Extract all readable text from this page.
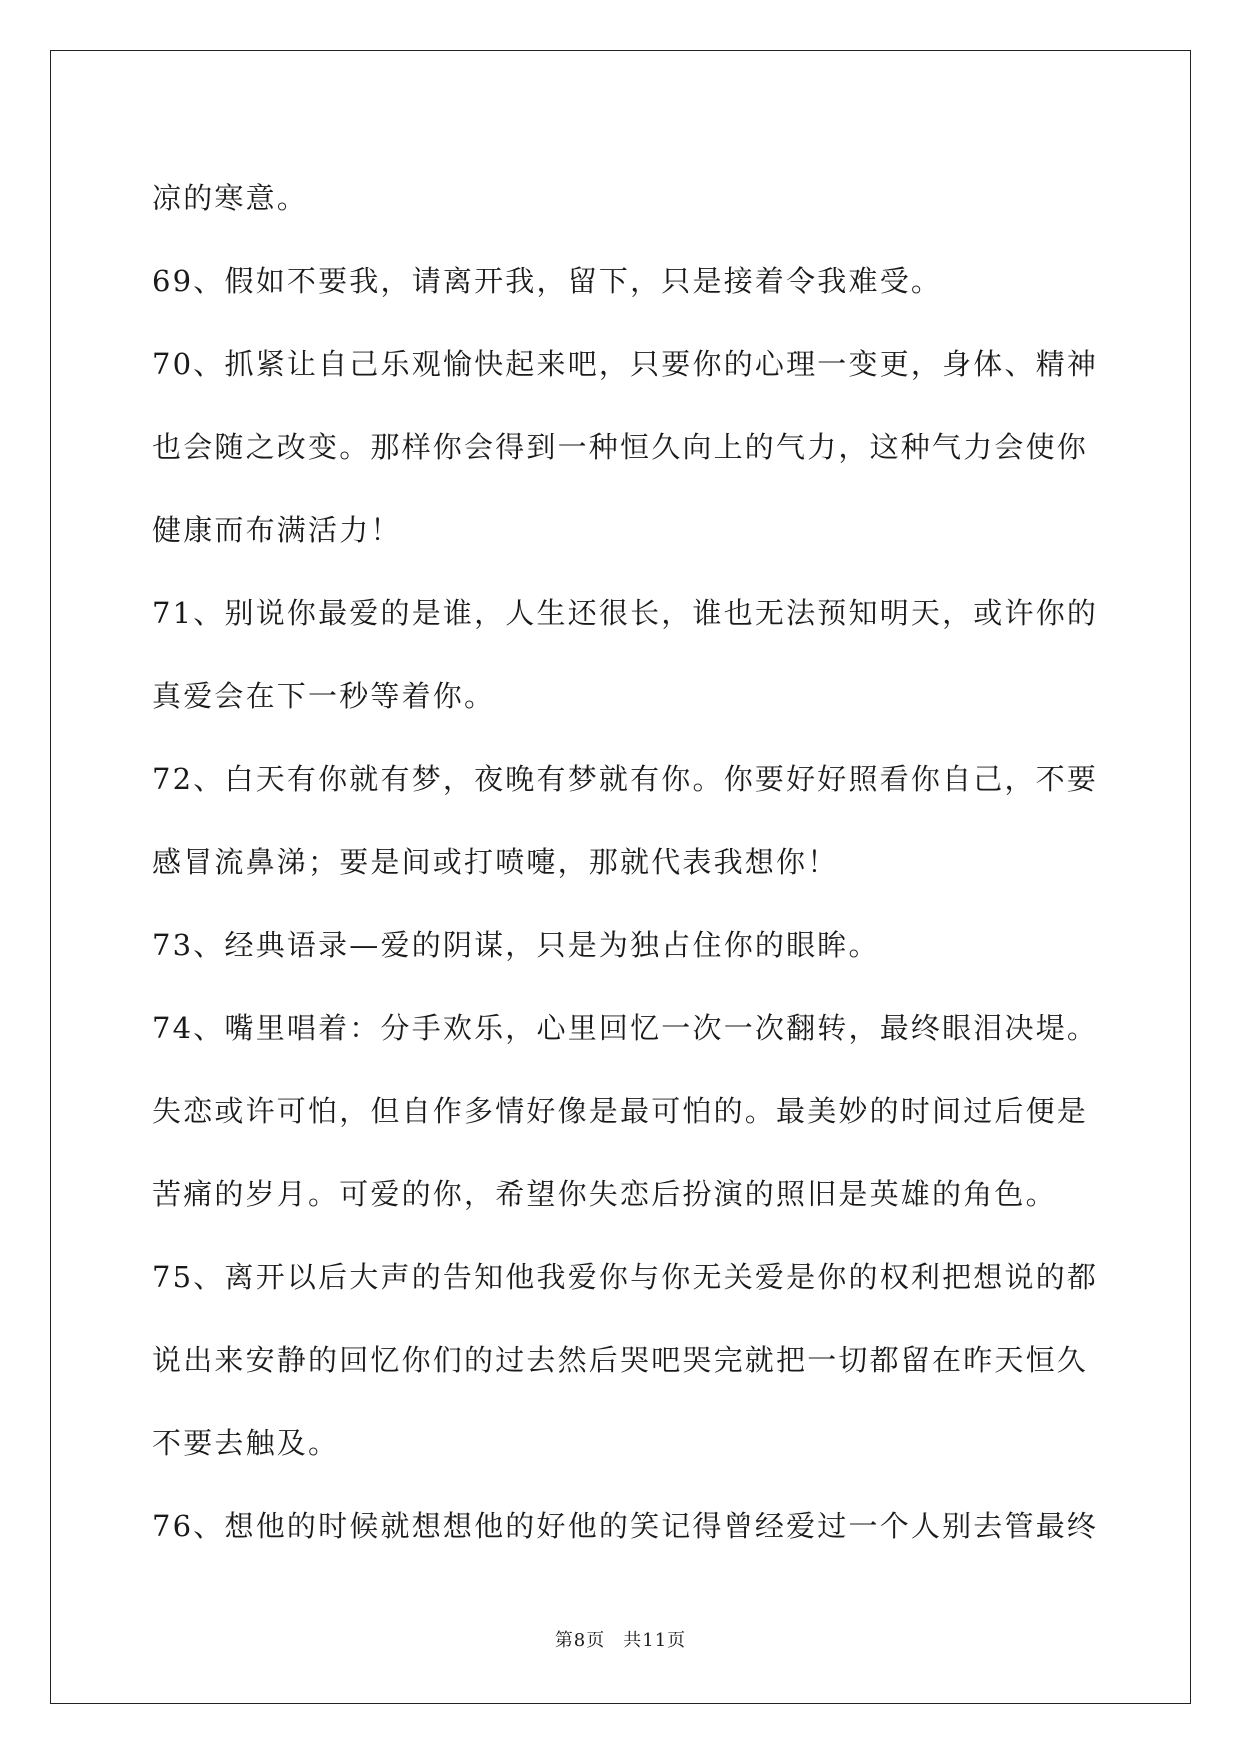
凉的寒意。
69、假如不要我，请离开我，留下，只是接着令我难受。
70、抓紧让自己乐观愉快起来吧，只要你的心理一变更，身体、精神
也会随之改变。那样你会得到一种恒久向上的气力，这种气力会使你
健康而布满活力！
71、别说你最爱的是谁，人生还很长，谁也无法预知明天，或许你的
真爱会在下一秒等着你。
72、白天有你就有梦，夜晚有梦就有你。你要好好照看你自己，不要
感冒流鼻涕；要是间或打喷嚏，那就代表我想你！
73、经典语录—爱的阴谋，只是为独占住你的眼眸。
74、嘴里唱着：分手欢乐，心里回忆一次一次翻转，最终眼泪决堤。
失恋或许可怕，但自作多情好像是最可怕的。最美妙的时间过后便是
苦痛的岁月。可爱的你，希望你失恋后扮演的照旧是英雄的角色。
75、离开以后大声的告知他我爱你与你无关爱是你的权利把想说的都
说出来安静的回忆你们的过去然后哭吧哭完就把一切都留在昨天恒久
不要去触及。
76、想他的时候就想想他的好他的笑记得曾经爱过一个人别去管最终
第8页 共11页
